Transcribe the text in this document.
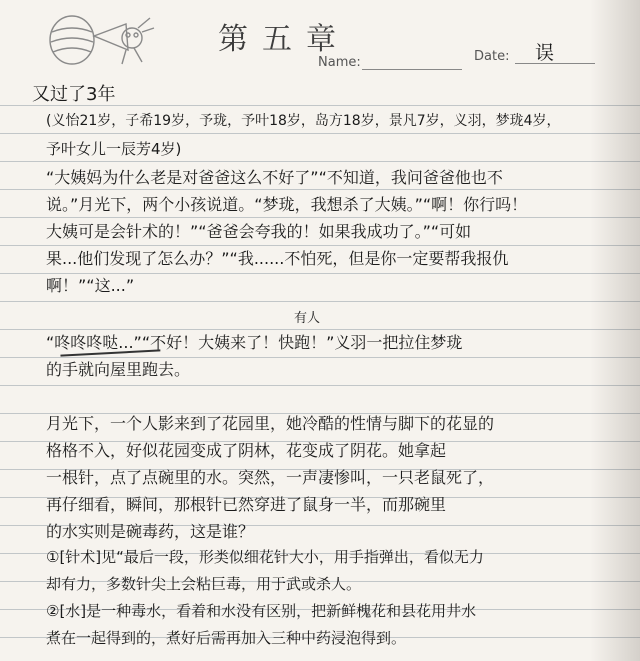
第五章
Name:	Date: 误
又过了3年
(义怡21岁，子希19岁，予珑，予叶18岁，岛方18岁，景凡7岁，义羽，梦珑4岁，
予叶女儿一辰芳4岁)
“大姨妈为什么老是对爸爸这么不好了”“不知道，我问爸爸他也不
说。”月光下，两个小孩说道。“梦珑，我想杀了大姨。”“啊！你行吗！
大姨可是会针术的！”“爸爸会夸我的！如果我成功了。”“可如
果...他们发现了怎么办？”“我......不怕死，但是你一定要帮我报仇
啊！”“这...”
有人
“咚咚咚哒...”“不好！大姨来了！快跑！”义羽一把拉住梦珑
的手就向屋里跑去。
月光下，一个人影来到了花园里，她冷酷的性情与脚下的花显的
格格不入，好似花园变成了阴林，花变成了阴花。她拿起
一根针，点了点碗里的水。突然，一声凄惨叫，一只老鼠死了，
再仔细看，瞬间，那根针已然穿进了鼠身一半，而那碗里
的水实则是碗毒药，这是谁？
①[针术]见“最后一段，形类似细花针大小，用手指弹出，看似无力
却有力，多数针尖上会粘巨毒，用于武或杀人。
②[水]是一种毒水，看着和水没有区别，把新鲜槐花和县花用井水
煮在一起得到的，煮好后需再加入三种中药浸泡得到。
